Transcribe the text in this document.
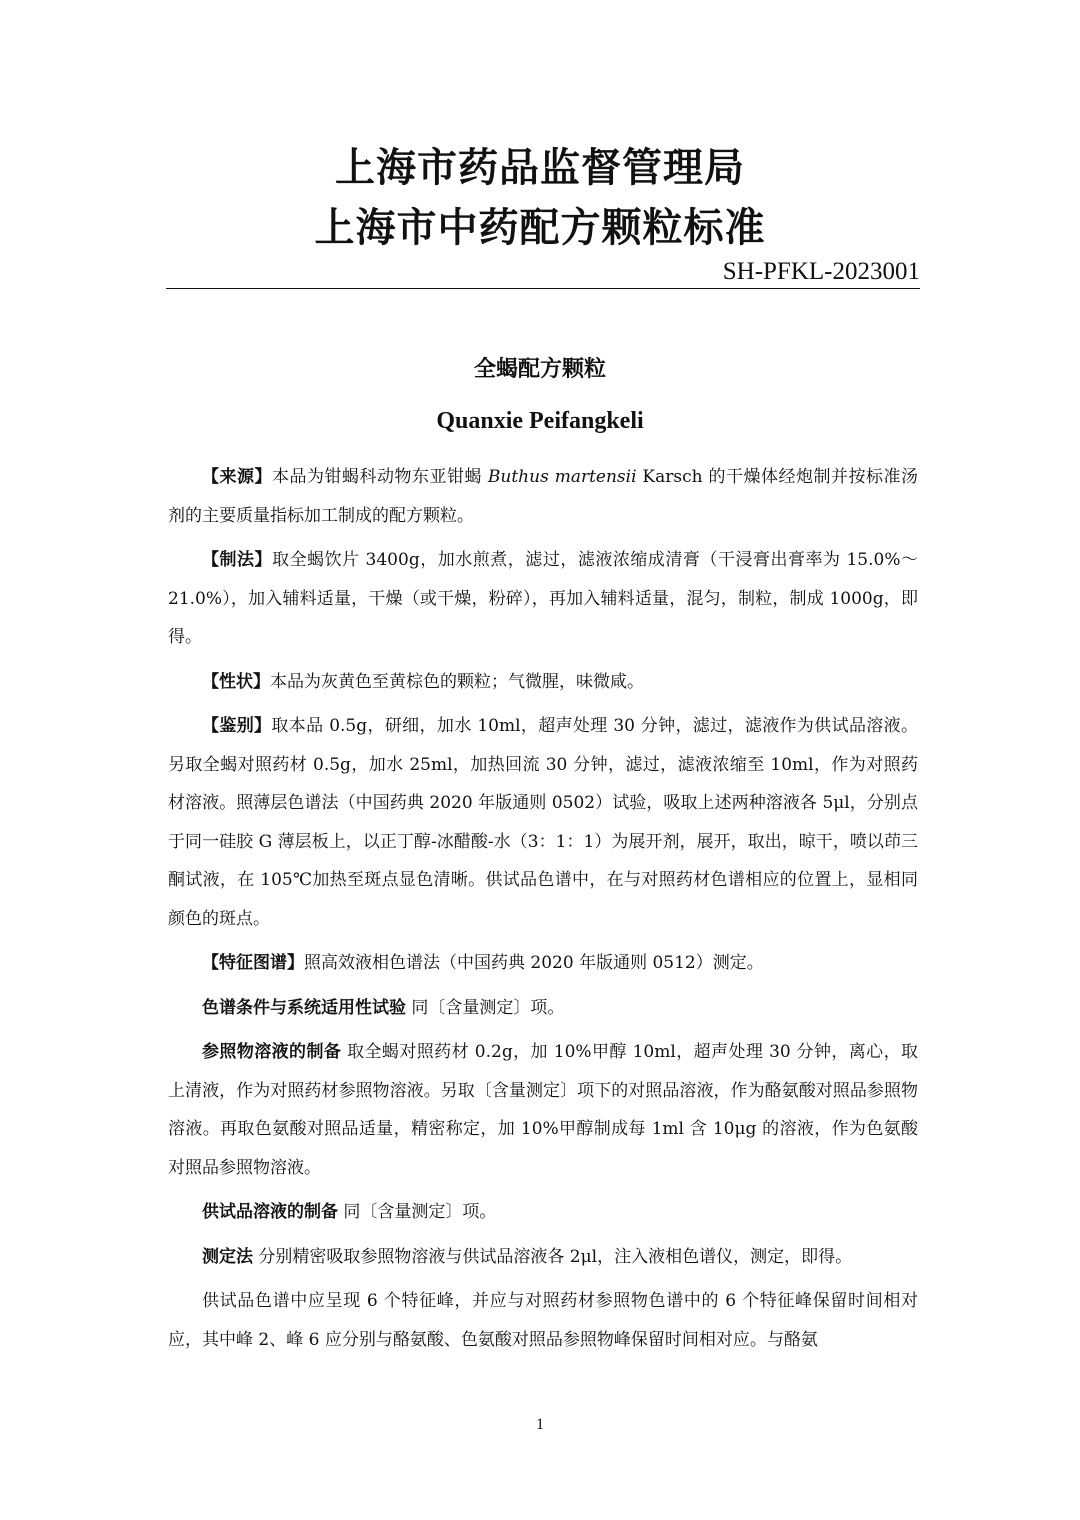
上海市药品监督管理局
上海市中药配方颗粒标准
SH-PFKL-2023001
全蝎配方颗粒
Quanxie Peifangkeli

【来源】本品为钳蝎科动物东亚钳蝎 Buthus martensii Karsch 的干燥体经炮制并按标准汤剂的主要质量指标加工制成的配方颗粒。

【制法】取全蝎饮片 3400g，加水煎煮，滤过，滤液浓缩成清膏（干浸膏出膏率为 15.0%～21.0%），加入辅料适量，干燥（或干燥，粉碎），再加入辅料适量，混匀，制粒，制成 1000g，即得。

【性状】本品为灰黄色至黄棕色的颗粒；气微腥，味微咸。

【鉴别】取本品 0.5g，研细，加水 10ml，超声处理 30 分钟，滤过，滤液作为供试品溶液。另取全蝎对照药材 0.5g，加水 25ml，加热回流 30 分钟，滤过，滤液浓缩至 10ml，作为对照药材溶液。照薄层色谱法（中国药典 2020 年版通则 0502）试验，吸取上述两种溶液各 5μl，分别点于同一硅胶 G 薄层板上，以正丁醇-冰醋酸-水（3：1：1）为展开剂，展开，取出，晾干，喷以茚三酮试液，在 105℃加热至斑点显色清晰。供试品色谱中，在与对照药材色谱相应的位置上，显相同颜色的斑点。

【特征图谱】照高效液相色谱法（中国药典 2020 年版通则 0512）测定。

色谱条件与系统适用性试验 同〔含量测定〕项。

参照物溶液的制备 取全蝎对照药材 0.2g，加 10%甲醇 10ml，超声处理 30 分钟，离心，取上清液，作为对照药材参照物溶液。另取〔含量测定〕项下的对照品溶液，作为酪氨酸对照品参照物溶液。再取色氨酸对照品适量，精密称定，加 10%甲醇制成每 1ml 含 10μg 的溶液，作为色氨酸对照品参照物溶液。

供试品溶液的制备 同〔含量测定〕项。

测定法 分别精密吸取参照物溶液与供试品溶液各 2μl，注入液相色谱仪，测定，即得。

供试品色谱中应呈现 6 个特征峰，并应与对照药材参照物色谱中的 6 个特征峰保留时间相对应，其中峰 2、峰 6 应分别与酪氨酸、色氨酸对照品参照物峰保留时间相对应。与酪氨

1
